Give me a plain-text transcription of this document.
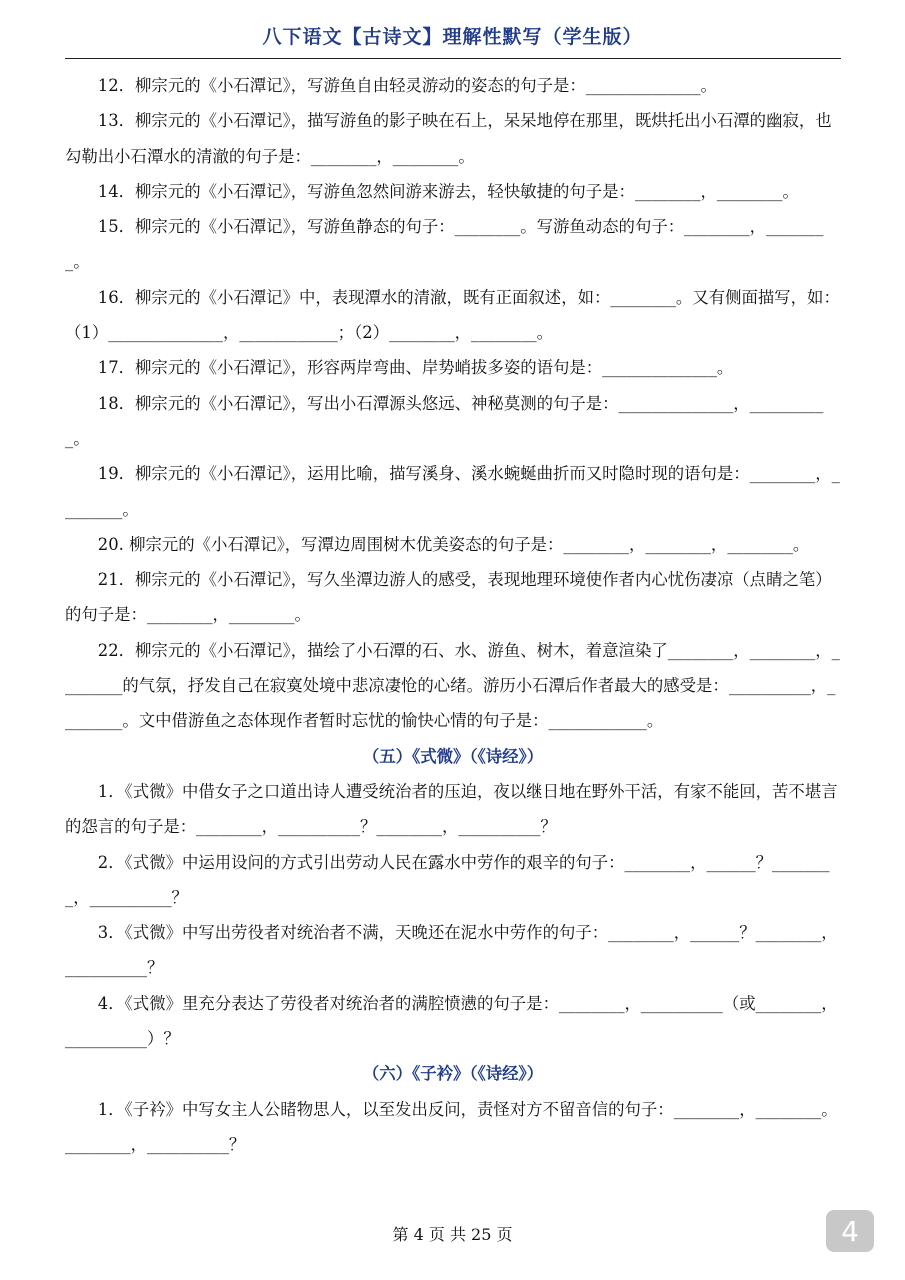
八下语文【古诗文】理解性默写（学生版）

12．柳宗元的《小石潭记》，写游鱼自由轻灵游动的姿态的句子是：______________。

13．柳宗元的《小石潭记》，描写游鱼的影子映在石上，呆呆地停在那里，既烘托出小石潭的幽寂，也勾勒出小石潭水的清澈的句子是：________，________。

14．柳宗元的《小石潭记》，写游鱼忽然间游来游去，轻快敏捷的句子是：________，________。

15．柳宗元的《小石潭记》，写游鱼静态的句子：________。写游鱼动态的句子：________，________。

16．柳宗元的《小石潭记》中，表现潭水的清澈，既有正面叙述，如：________。又有侧面描写，如：（1）______________，____________；（2）________，________。

17．柳宗元的《小石潭记》，形容两岸弯曲、岸势峭拔多姿的语句是：______________。

18．柳宗元的《小石潭记》，写出小石潭源头悠远、神秘莫测的句子是：______________，__________。

19．柳宗元的《小石潭记》，运用比喻，描写溪身、溪水蜿蜒曲折而又时隐时现的语句是：________，________。

20. 柳宗元的《小石潭记》，写潭边周围树木优美姿态的句子是：________，________，________。

21．柳宗元的《小石潭记》，写久坐潭边游人的感受，表现地理环境使作者内心忧伤凄凉（点睛之笔）的句子是：________，________。

22．柳宗元的《小石潭记》，描绘了小石潭的石、水、游鱼、树木，着意渲染了________，________，________的气氛，抒发自己在寂寞处境中悲凉凄怆的心绪。游历小石潭后作者最大的感受是：__________，________。文中借游鱼之态体现作者暂时忘忧的愉快心情的句子是：____________。

（五）《式微》（《诗经》）

1．《式微》中借女子之口道出诗人遭受统治者的压迫，夜以继日地在野外干活，有家不能回，苦不堪言的怨言的句子是：________，__________？________，__________？

2．《式微》中运用设问的方式引出劳动人民在露水中劳作的艰辛的句子：________，______？________，__________？

3．《式微》中写出劳役者对统治者不满，天晚还在泥水中劳作的句子：________，______？________，__________？

4．《式微》里充分表达了劳役者对统治者的满腔愤懑的句子是：________，__________（或________，__________）？

（六）《子衿》（《诗经》）

1．《子衿》中写女主人公睹物思人，以至发出反问，责怪对方不留音信的句子：________，________。________，__________？

第 4 页 共 25 页	4
